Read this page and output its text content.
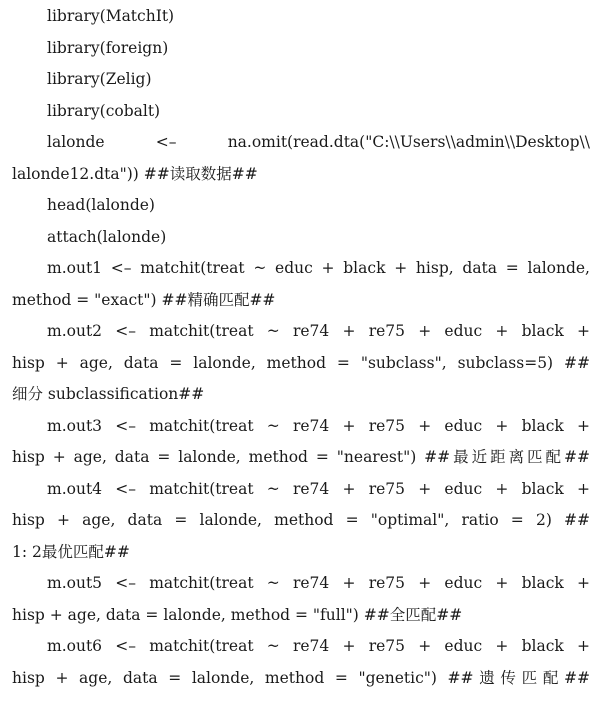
library(MatchIt)
library(foreign)
library(Zelig)
library(cobalt)
lalonde <– na.omit(read.dta("C:\\Users\\admin\\Desktop\\
lalonde12.dta")) ##读取数据##
head(lalonde)
attach(lalonde)
m.out1 <– matchit(treat ~ educ + black + hisp, data = lalonde,
method = "exact") ##精确匹配##
m.out2 <– matchit(treat ~ re74 + re75 + educ + black +
hisp + age, data = lalonde, method = "subclass", subclass=5) ##
细分 subclassification##
m.out3 <– matchit(treat ~ re74 + re75 + educ + black +
hisp + age, data = lalonde, method = "nearest") ##最近距离匹配##
m.out4 <– matchit(treat ~ re74 + re75 + educ + black +
hisp + age, data = lalonde, method = "optimal", ratio = 2) ##
1: 2最优匹配##
m.out5 <– matchit(treat ~ re74 + re75 + educ + black +
hisp + age, data = lalonde, method = "full") ##全匹配##
m.out6 <– matchit(treat ~ re74 + re75 + educ + black +
hisp + age, data = lalonde, method = "genetic") ##遗传匹配##
